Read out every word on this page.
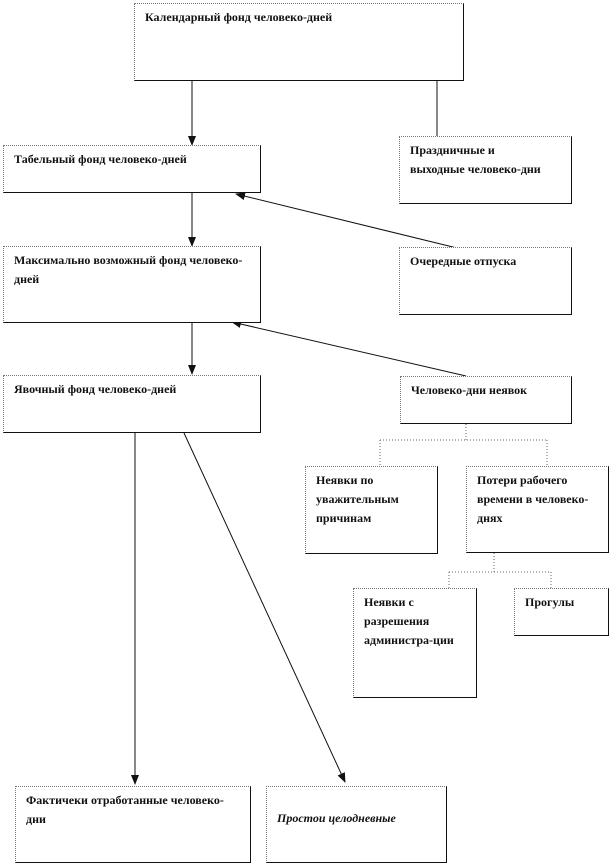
Календарный фонд человеко-дней
Праздничные и выходные человеко-дни
Табельный фонд человеко-дней
Очередные отпуска
Максимально возможный фонд человеко-дней
Явочный фонд человеко-дней	Человеко-дни неявок
Неявки по уважительным причинам
Потери рабочего времени в человеко-днях
Неявки с разрешения администра-ции
Прогулы
Фактичеки отработанные человеко-дни	Простои целодневные
